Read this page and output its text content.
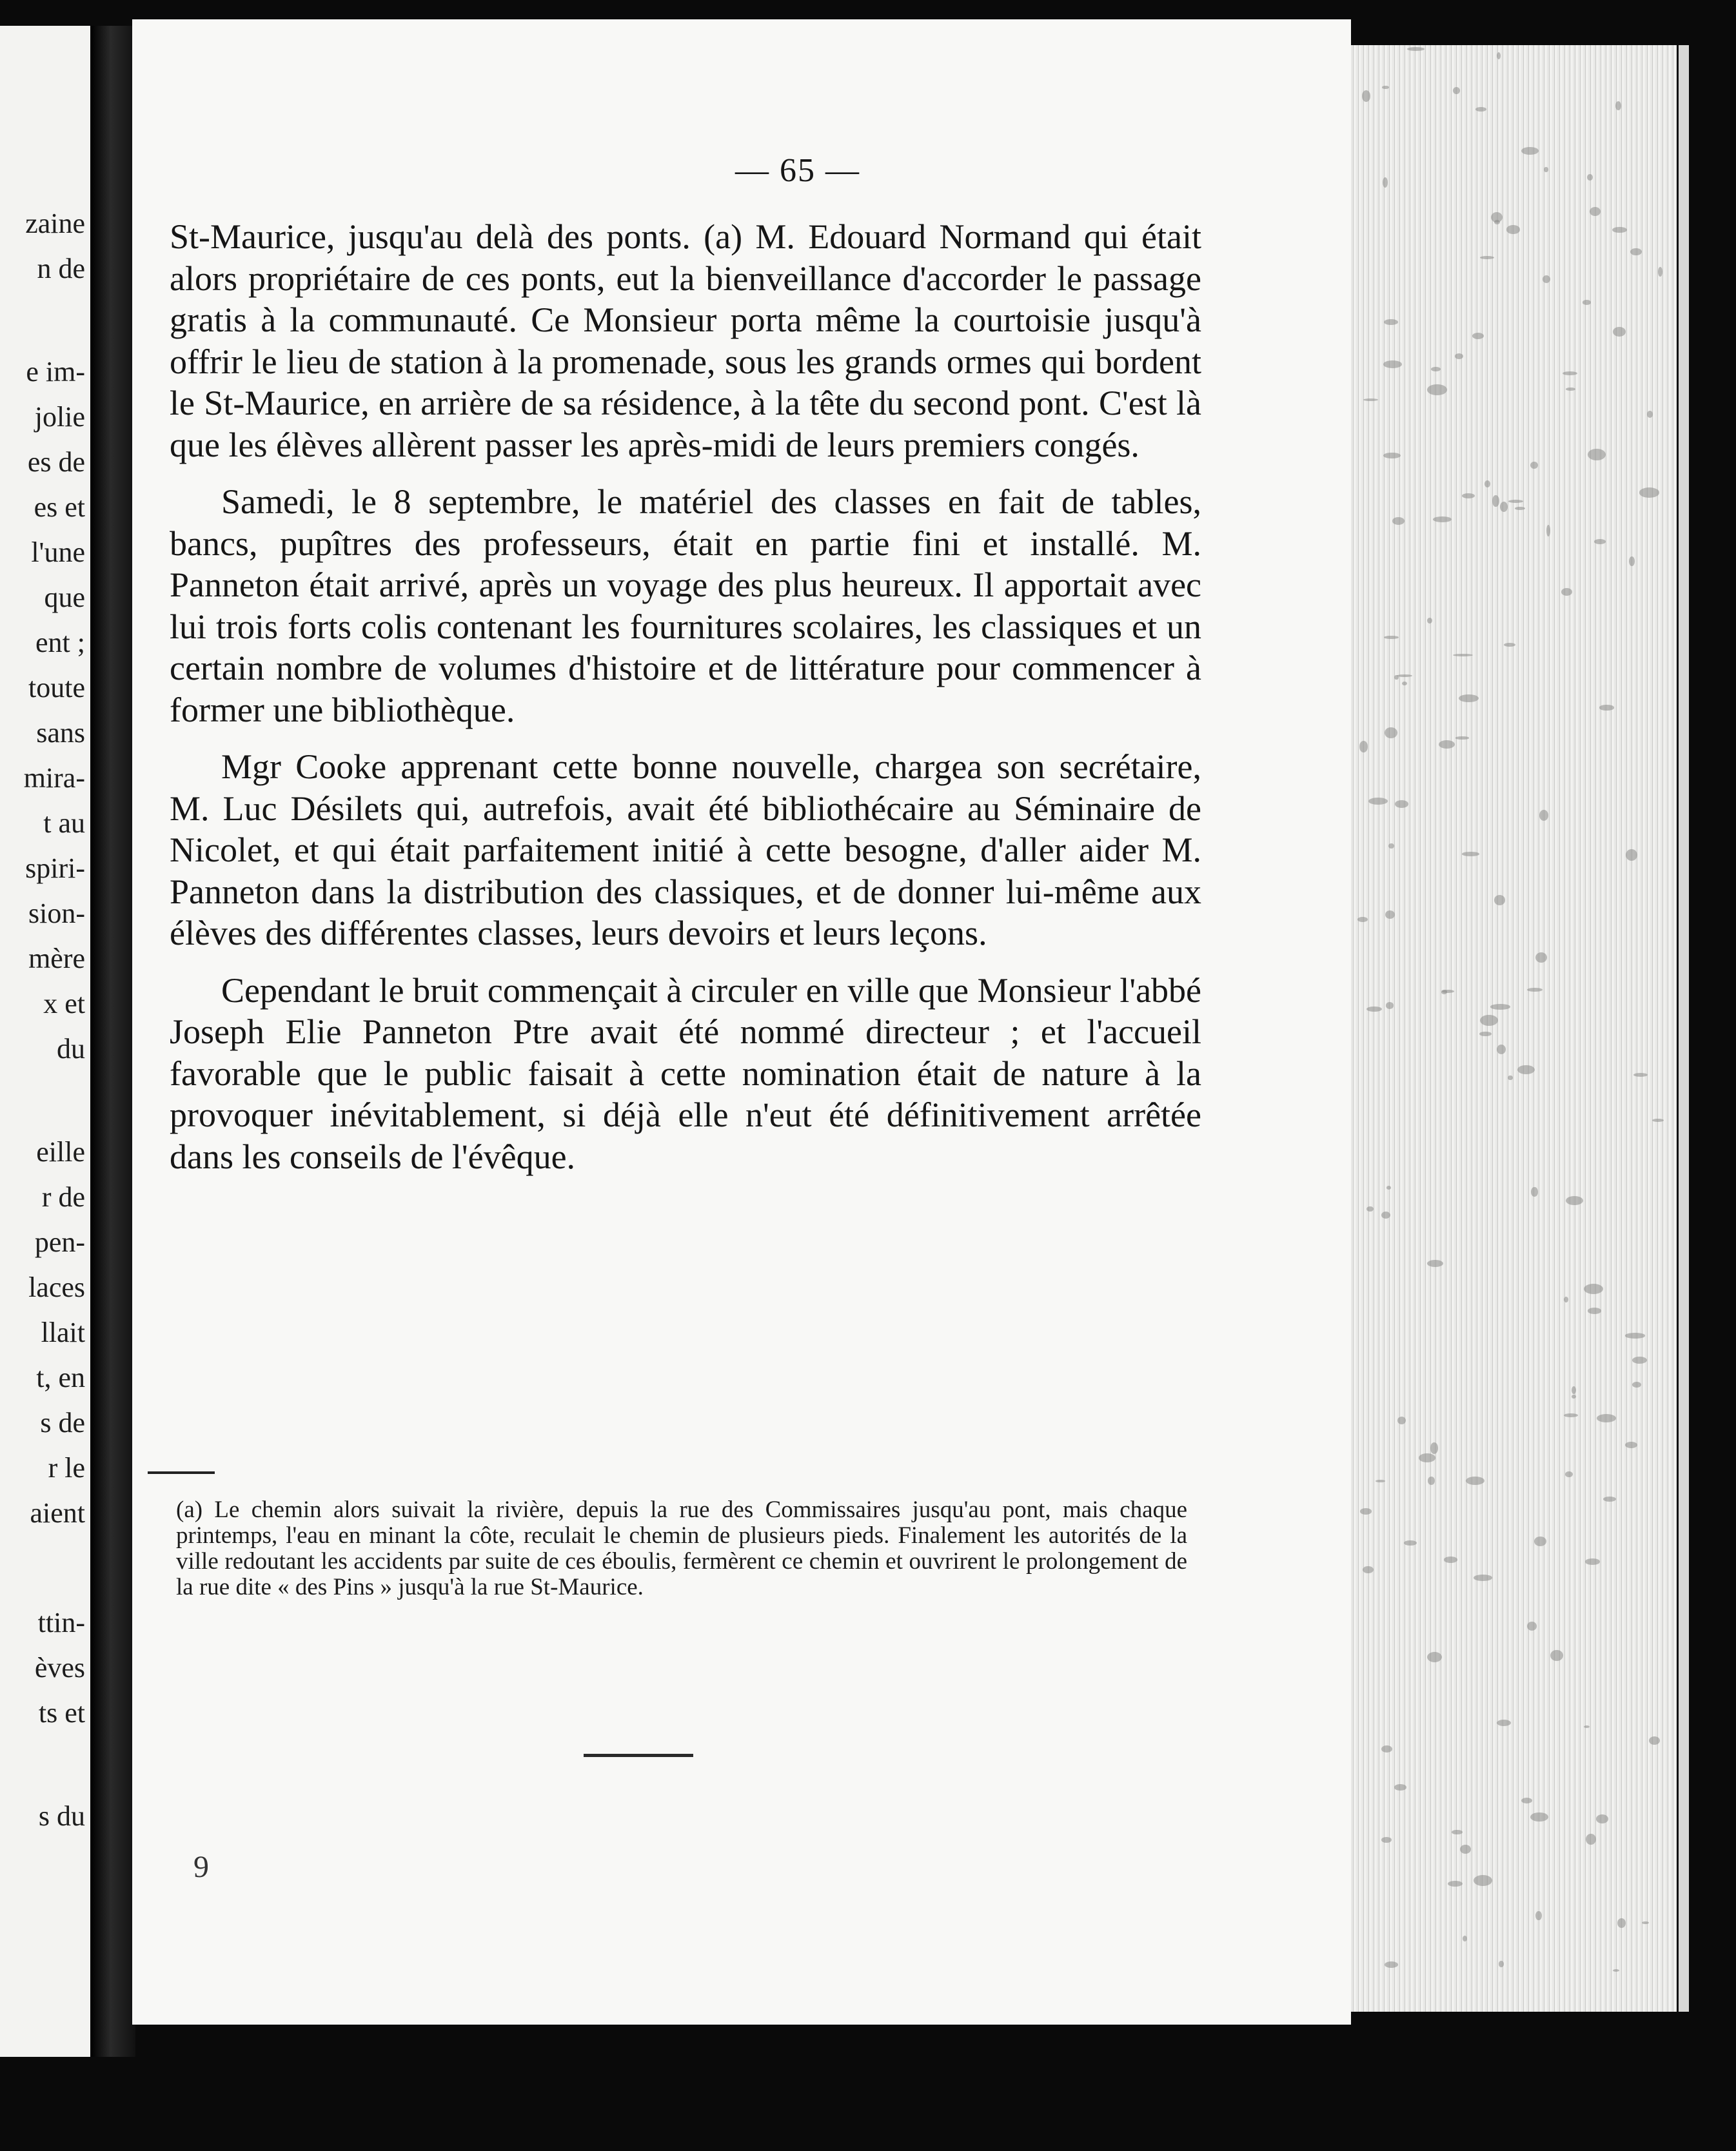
zaine
n de
e im-
jolie
es de
es et
l'une
que
ent ;
toute
sans
mira-
t au
spiri-
sion-
mère
x et
du
eille
r de
pen-
laces
llait
t, en
s de
r le
aient
ttin-
èves
ts et
s du
— 65 —

St-Maurice, jusqu'au delà des ponts. (a) M. Edouard Normand qui était alors propriétaire de ces ponts, eut la bienveillance d'accorder le passage gratis à la communauté. Ce Monsieur porta même la courtoisie jusqu'à offrir le lieu de station à la promenade, sous les grands ormes qui bordent le St-Maurice, en arrière de sa résidence, à la tête du second pont. C'est là que les élèves allèrent passer les après-midi de leurs premiers congés.

Samedi, le 8 septembre, le matériel des classes en fait de tables, bancs, pupîtres des professeurs, était en partie fini et installé. M. Panneton était arrivé, après un voyage des plus heureux. Il apportait avec lui trois forts colis contenant les fournitures scolaires, les classiques et un certain nombre de volumes d'histoire et de littérature pour commencer à former une bibliothèque.

Mgr Cooke apprenant cette bonne nouvelle, chargea son secrétaire, M. Luc Désilets qui, autrefois, avait été bibliothécaire au Séminaire de Nicolet, et qui était parfaitement initié à cette besogne, d'aller aider M. Panneton dans la distribution des classiques, et de donner lui-même aux élèves des différentes classes, leurs devoirs et leurs leçons.

Cependant le bruit commençait à circuler en ville que Monsieur l'abbé Joseph Elie Panneton Ptre avait été nommé directeur ; et l'accueil favorable que le public faisait à cette nomination était de nature à la provoquer inévitablement, si déjà elle n'eut été définitivement arrêtée dans les conseils de l'évêque.

(a) Le chemin alors suivait la rivière, depuis la rue des Commissaires jusqu'au pont, mais chaque printemps, l'eau en minant la côte, reculait le chemin de plusieurs pieds. Finalement les autorités de la ville redoutant les accidents par suite de ces éboulis, fermèrent ce chemin et ouvrirent le prolongement de la rue dite « des Pins » jusqu'à la rue St-Maurice.
9
